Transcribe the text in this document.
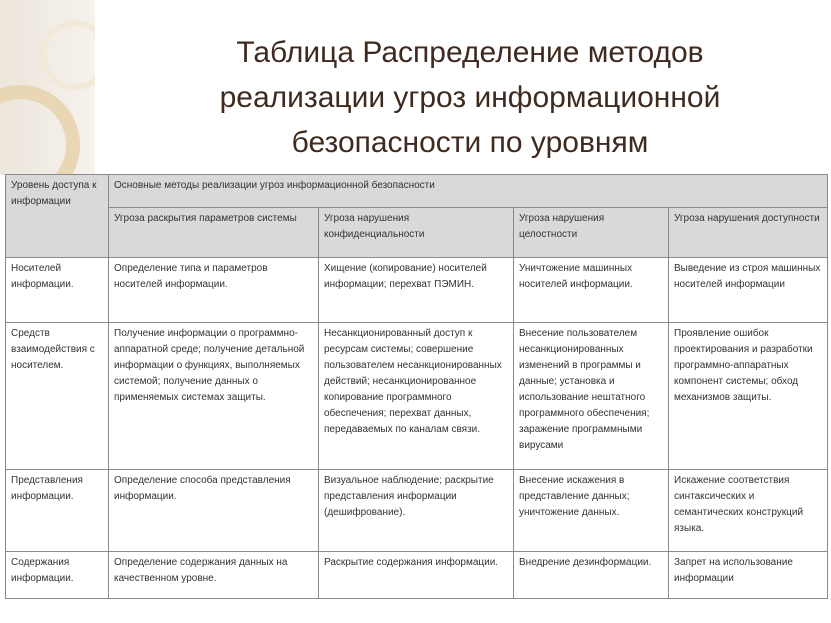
Таблица Распределение методов
реализации угроз информационной
безопасности по уровням
Уровень доступа к информации	Основные методы реализации угроз информационной безопасности			
	Угроза раскрытия параметров системы	Угроза нарушения конфиденциальности	Угроза нарушения целостности	Угроза нарушения доступности
Носителей информации.	Определение типа и параметров носителей информации.	Хищение (копирование) носителей информации; перехват ПЭМИН.	Уничтожение машинных носителей информации.	Выведение из строя машинных носителей информации
Средств взаимодействия с носителем.	Получение информации о программно-аппаратной среде; получение детальной информации о функциях, выполняемых системой; получение данных о применяемых системах защиты.	Несанкционированный доступ к ресурсам системы; совершение пользователем несанкционированных действий; несанкционированное копирование программного обеспечения; перехват данных, передаваемых по каналам связи.	Внесение пользователем несанкционированных изменений в программы и данные; установка и использование нештатного программного обеспечения; заражение программными вирусами	Проявление ошибок проектирования и разработки программно-аппаратных компонент системы; обход механизмов защиты.
Представления информации.	Определение способа представления информации.	Визуальное наблюдение; раскрытие представления информации (дешифрование).	Внесение искажения в представление данных; уничтожение данных.	Искажение соответствия синтаксических и семантических конструкций языка.
Содержания информации.	Определение содержания данных на качественном уровне.	Раскрытие содержания информации.	Внедрение дезинформации.	Запрет на использование информации
